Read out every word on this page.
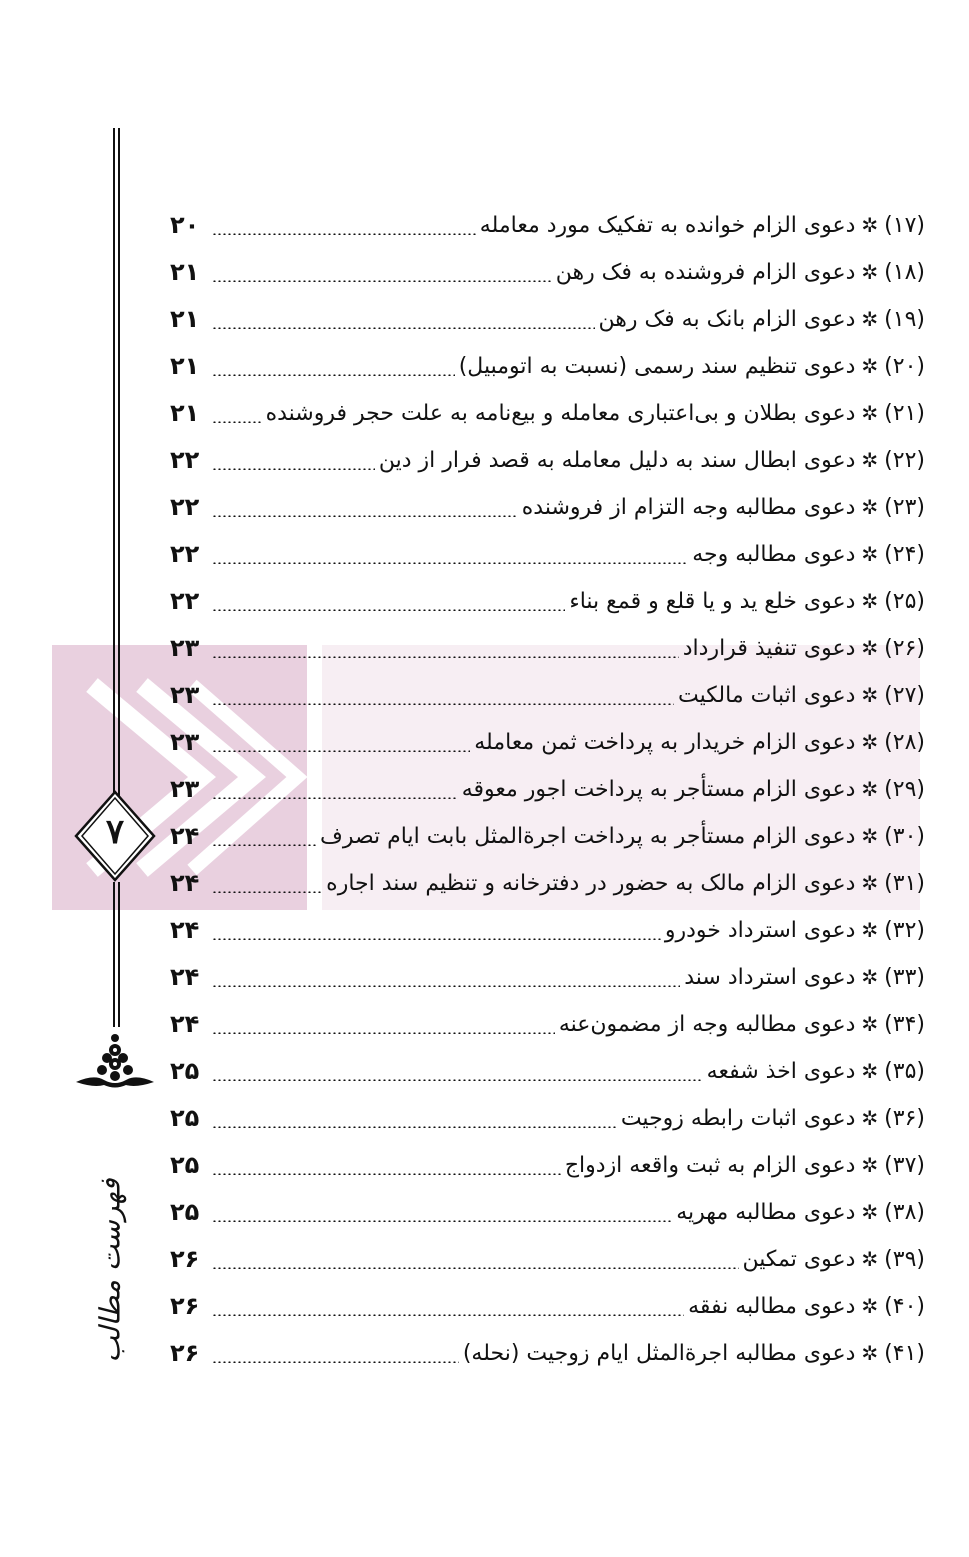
۷
فهرست مطالب
(۱۷)
✲
دعوی الزام خوانده به تفکیک مورد معامله
۲۰
(۱۸)
✲
دعوی الزام فروشنده به فک رهن
۲۱
(۱۹)
✲
دعوی الزام بانک به فک رهن
۲۱
(۲۰)
✲
دعوی تنظیم سند رسمی (نسبت به اتومبیل)
۲۱
(۲۱)
✲
دعوی بطلان و بی‌اعتباری معامله و بیع‌نامه به علت حجر فروشنده
۲۱
(۲۲)
✲
دعوی ابطال سند به دلیل معامله به قصد فرار از دین
۲۲
(۲۳)
✲
دعوی مطالبه وجه التزام از فروشنده
۲۲
(۲۴)
✲
دعوی مطالبه وجه
۲۲
(۲۵)
✲
دعوی خلع ید و یا قلع و قمع بناء
۲۲
(۲۶)
✲
دعوی تنفیذ قرارداد
۲۳
(۲۷)
✲
دعوی اثبات مالکیت
۲۳
(۲۸)
✲
دعوی الزام خریدار به پرداخت ثمن معامله
۲۳
(۲۹)
✲
دعوی الزام مستأجر به پرداخت اجور معوقه
۲۳
(۳۰)
✲
دعوی الزام مستأجر به پرداخت اجرةالمثل بابت ایام تصرف
۲۴
(۳۱)
✲
دعوی الزام مالک به حضور در دفترخانه و تنظیم سند اجاره
۲۴
(۳۲)
✲
دعوی استرداد خودرو
۲۴
(۳۳)
✲
دعوی استرداد سند
۲۴
(۳۴)
✲
دعوی مطالبه وجه از مضمون‌عنه
۲۴
(۳۵)
✲
دعوی اخذ شفعه
۲۵
(۳۶)
✲
دعوی اثبات رابطه زوجیت
۲۵
(۳۷)
✲
دعوی الزام به ثبت واقعه ازدواج
۲۵
(۳۸)
✲
دعوی مطالبه مهریه
۲۵
(۳۹)
✲
دعوی تمکین
۲۶
(۴۰)
✲
دعوی مطالبه نفقه
۲۶
(۴۱)
✲
دعوی مطالبه اجرةالمثل ایام زوجیت (نحله)
۲۶
